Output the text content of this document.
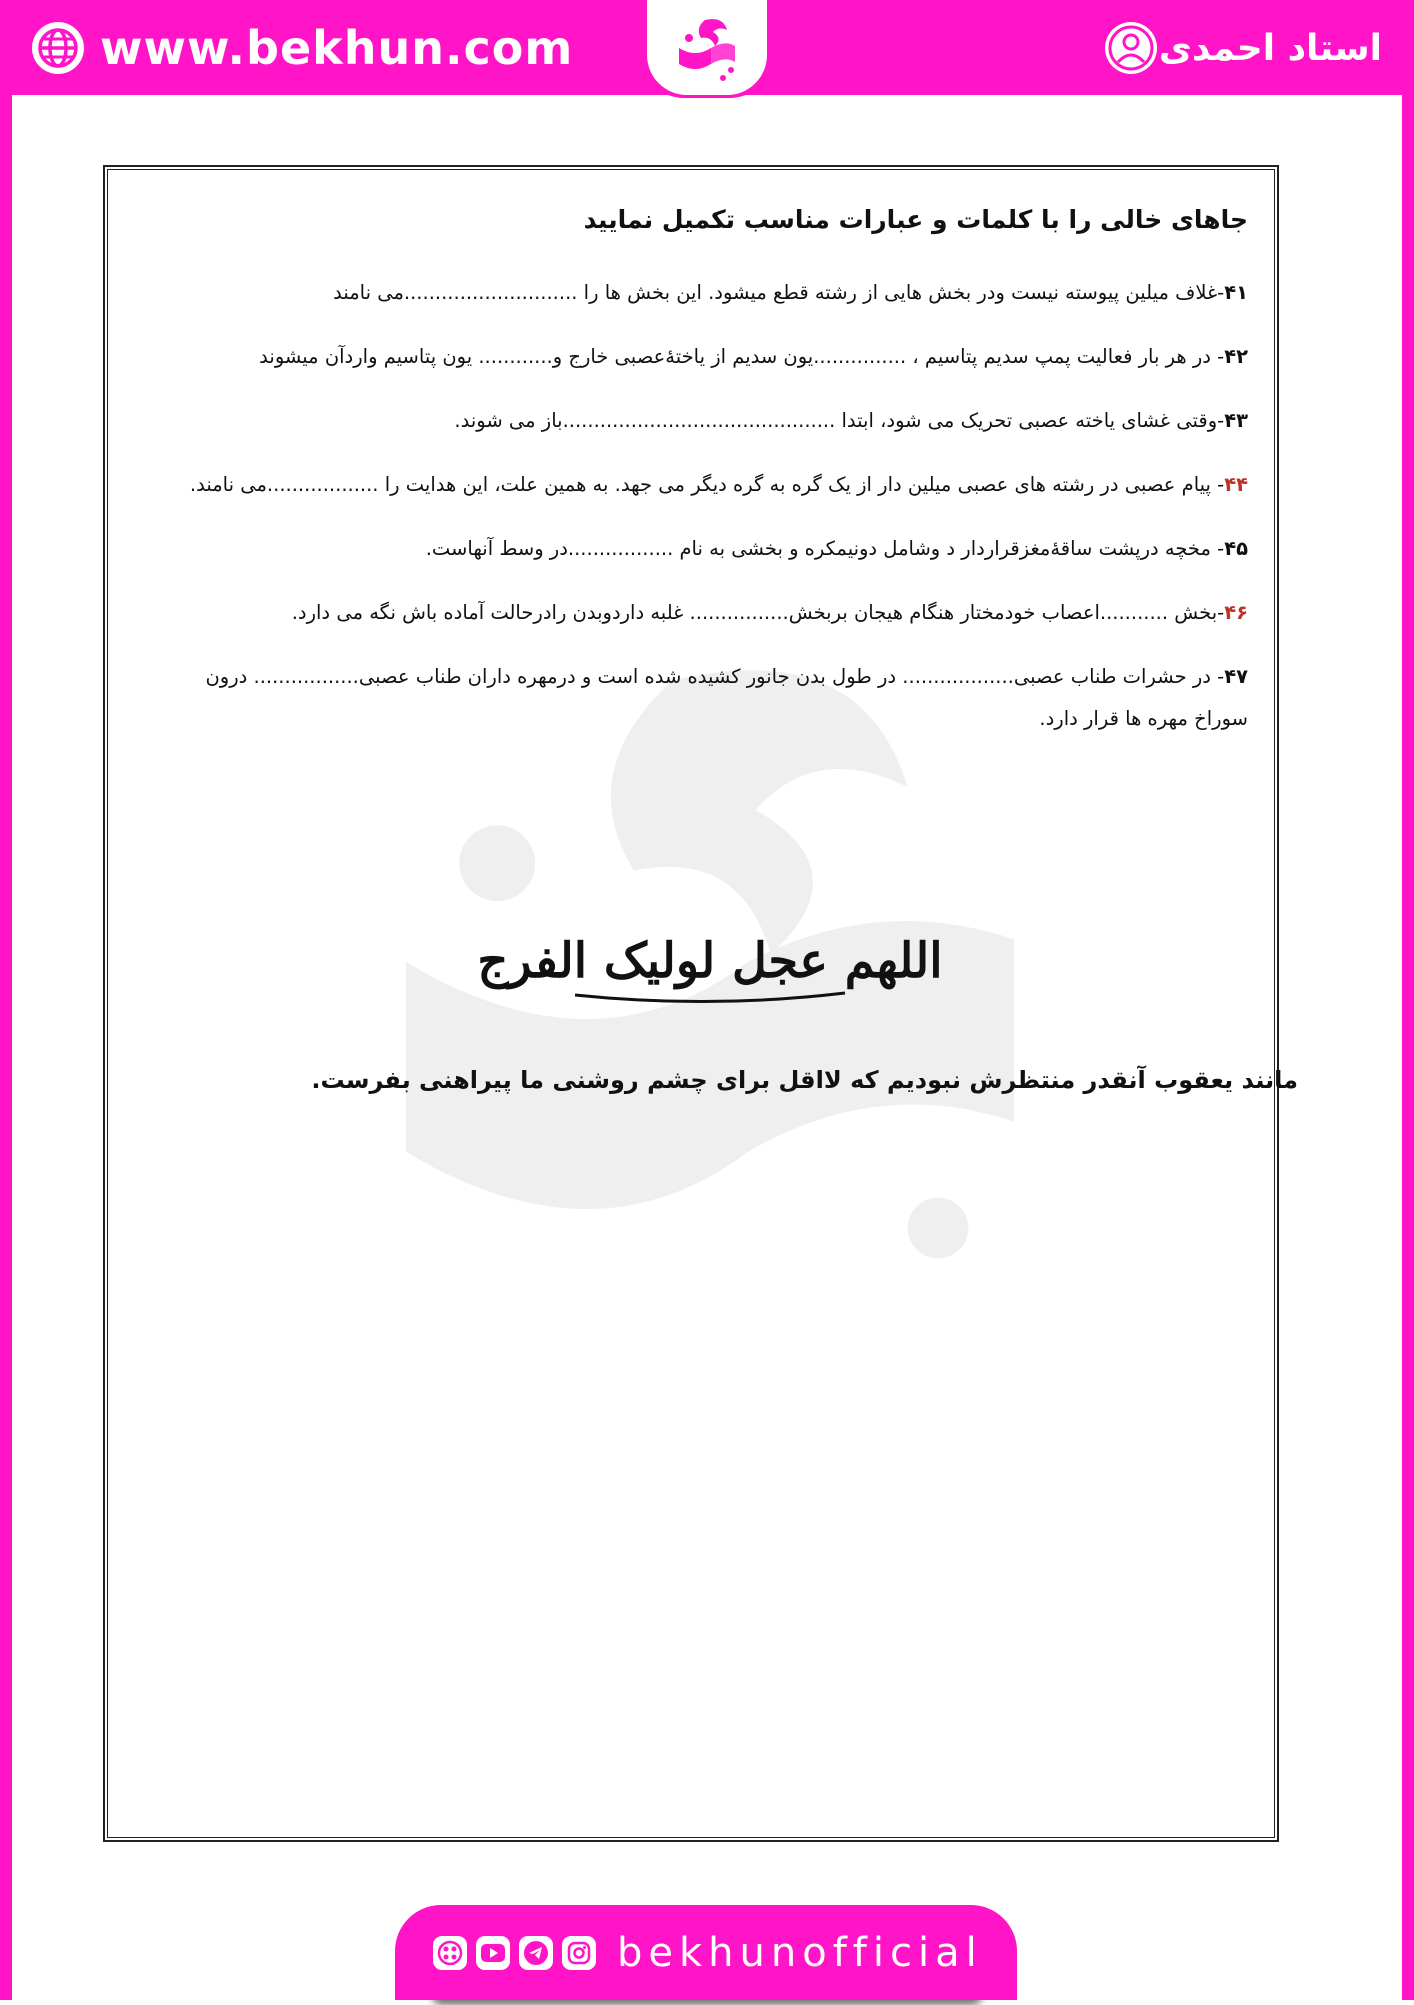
www.bekhun.com	استاد احمدی
جاهای خالی را با کلمات و عبارات مناسب تکمیل نمایید
۴۱-غلاف میلین پیوسته نیست ودر بخش هایی از رشته قطع میشود. این بخش ها را ............................می نامند
۴۲- در هر بار فعالیت پمپ سدیم پتاسیم ، ...............یون سدیم از یاختۀعصبی خارج و............ یون پتاسیم واردآن میشوند
۴۳-وقتی غشای یاخته عصبی تحریک می شود، ابتدا ............................................باز می شوند.
۴۴- پیام عصبی در رشته های عصبی میلین دار از یک گره به گره دیگر می جهد. به همین علت، این هدایت را ..................می نامند.
۴۵- مخچه درپشت ساقۀمغزقراردار د وشامل دونیمکره و بخشی به نام .................در وسط آنهاست.
۴۶-بخش ...........اعصاب خودمختار هنگام هیجان بربخش................ غلبه داردوبدن رادرحالت آماده باش نگه می دارد.
۴۷- در حشرات طناب عصبی.................. در طول بدن جانور کشیده شده است و درمهره داران طناب عصبی................. درون
سوراخ مهره ها قرار دارد.
اللهم عجل لولیک الفرج
مانند یعقوب آنقدر منتظرش نبودیم که لااقل برای چشم روشنی ما پیراهنی بفرست.
bekhunofficial
